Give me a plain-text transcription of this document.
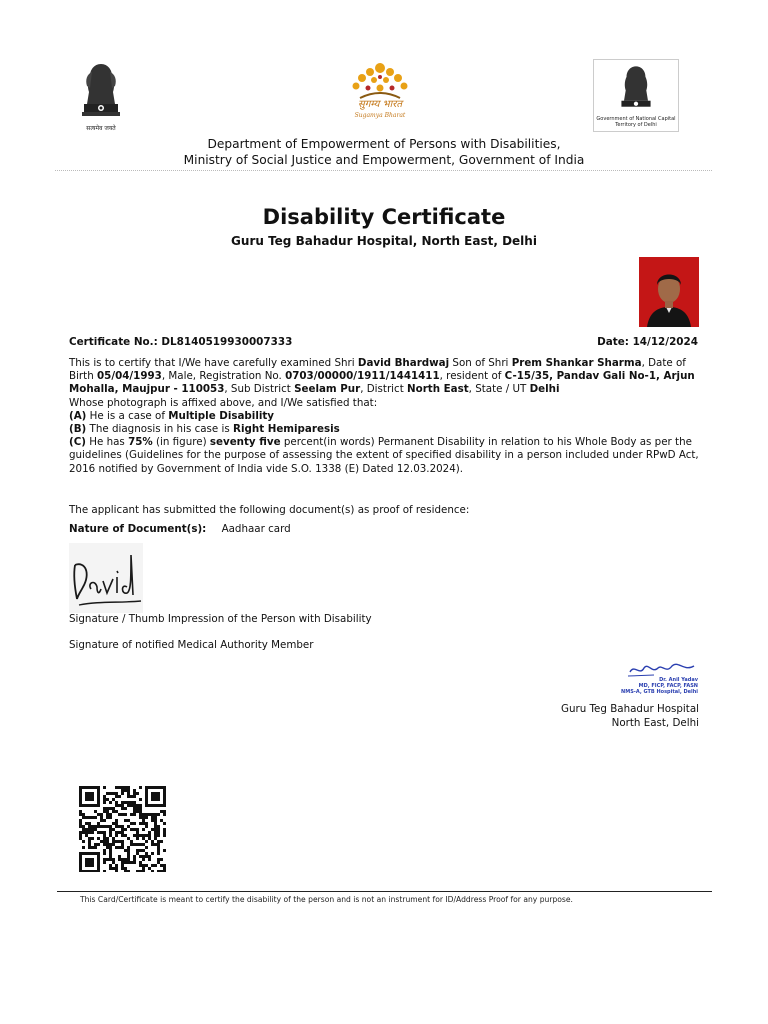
सत्यमेव जयते
सुगम्य भारत
Sugamya Bharat	Government of National Capital Territory of Delhi
Department of Empowerment of Persons with Disabilities,
Ministry of Social Justice and Empowerment, Government of India
Disability Certificate
Guru Teg Bahadur Hospital, North East, Delhi
Certificate No.: DL8140519930007333	Date: 14/12/2024
This is to certify that I/We have carefully examined Shri David Bhardwaj Son of Shri Prem Shankar Sharma, Date of Birth 05/04/1993, Male, Registration No. 0703/00000/1911/1441411, resident of C-15/35, Pandav Gali No-1, Arjun Mohalla, Maujpur - 110053, Sub District Seelam Pur, District North East, State / UT Delhi
Whose photograph is affixed above, and I/We satisfied that:
(A) He is a case of Multiple Disability
(B) The diagnosis in his case is Right Hemiparesis
(C) He has 75% (in figure) seventy five percent(in words) Permanent Disability in relation to his Whole Body as per the guidelines (Guidelines for the purpose of assessing the extent of specified disability in a person included under RPwD Act, 2016 notified by Government of India vide S.O. 1338 (E) Dated 12.03.2024).
The applicant has submitted the following document(s) as proof of residence:
Nature of Document(s): Aadhaar card
David
Signature / Thumb Impression of the Person with Disability
Signature of notified Medical Authority Member
Dr. Anil Yadav
MD, FICP, FACP, FASN
NMS-A, GTB Hospital, Delhi
Guru Teg Bahadur Hospital
North East, Delhi
This Card/Certificate is meant to certify the disability of the person and is not an instrument for ID/Address Proof for any purpose.
